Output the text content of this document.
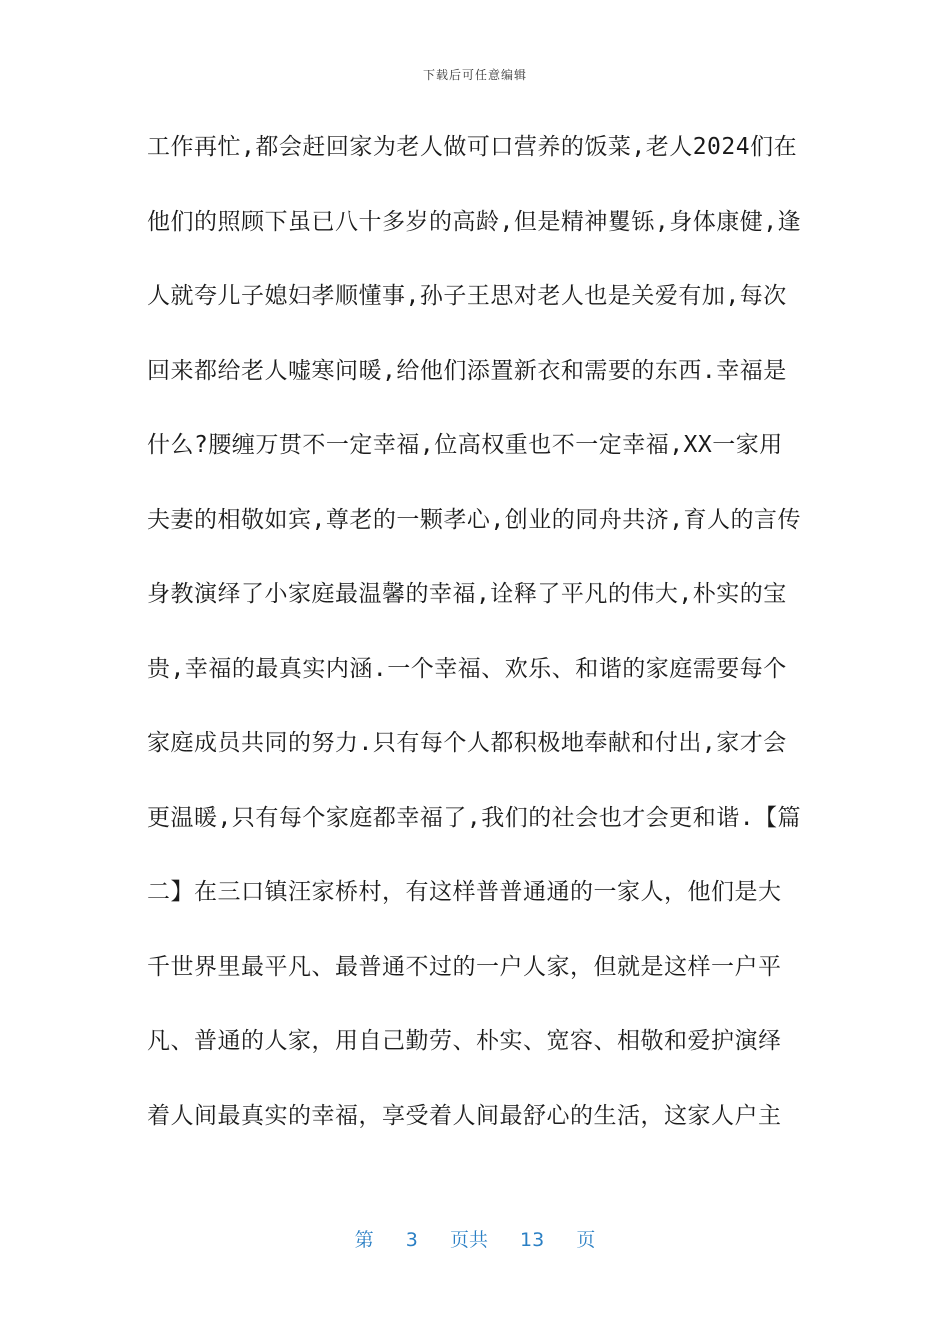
下载后可任意编辑
工作再忙,都会赶回家为老人做可口营养的饭菜,老人2024们在
他们的照顾下虽已八十多岁的高龄,但是精神矍铄,身体康健,逢
人就夸儿子媳妇孝顺懂事,孙子王思对老人也是关爱有加,每次
回来都给老人嘘寒问暖,给他们添置新衣和需要的东西.幸福是
什么?腰缠万贯不一定幸福,位高权重也不一定幸福,XX一家用
夫妻的相敬如宾,尊老的一颗孝心,创业的同舟共济,育人的言传
身教演绎了小家庭最温馨的幸福,诠释了平凡的伟大,朴实的宝
贵,幸福的最真实内涵.一个幸福、欢乐、和谐的家庭需要每个
家庭成员共同的努力.只有每个人都积极地奉献和付出,家才会
更温暖,只有每个家庭都幸福了,我们的社会也才会更和谐.【篇
二】在三口镇汪家桥村，有这样普普通通的一家人，他们是大
千世界里最平凡、最普通不过的一户人家，但就是这样一户平
凡、普通的人家，用自己勤劳、朴实、宽容、相敬和爱护演绎
着人间最真实的幸福，享受着人间最舒心的生活，这家人户主
第 3 页共 13 页
